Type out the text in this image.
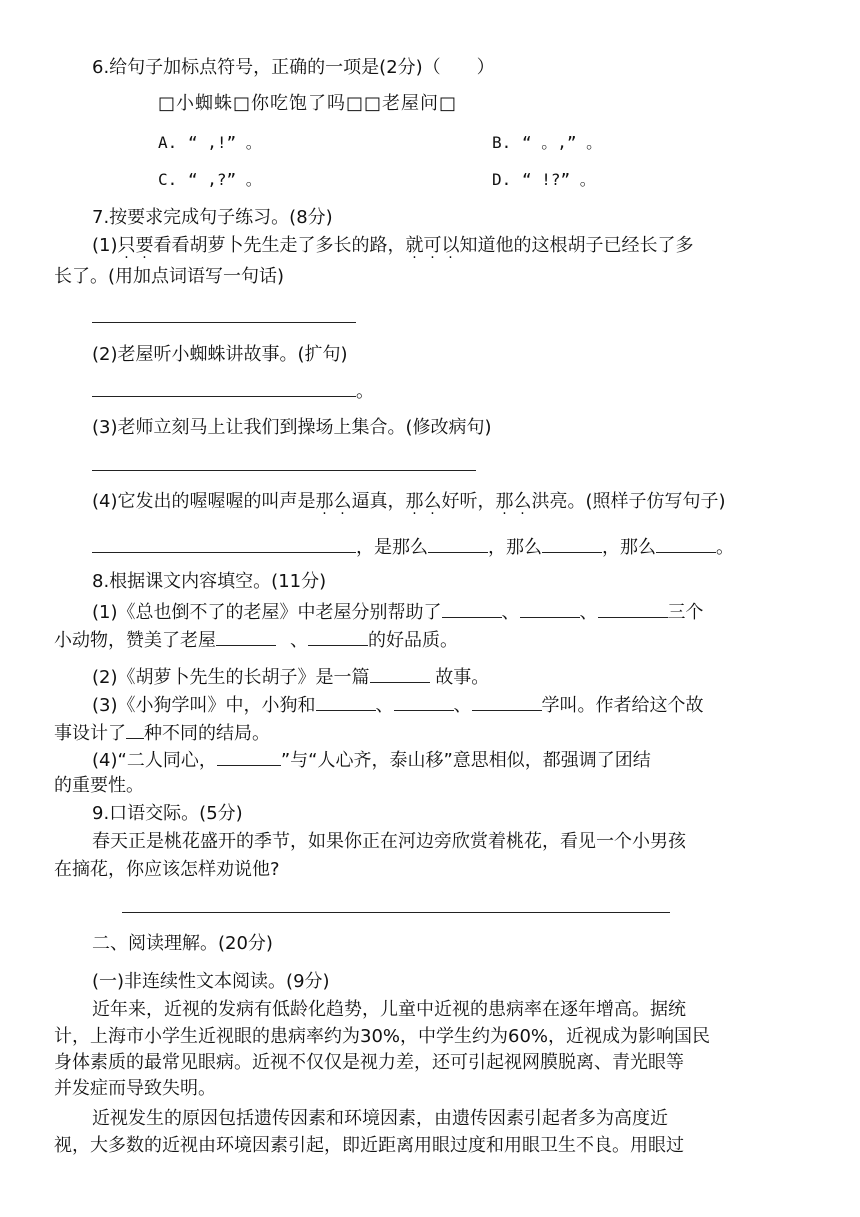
6.给句子加标点符号，正确的一项是(2分)（　　）
□小蜘蛛□你吃饱了吗□□老屋问□
A. “ ,!” 。	B. “ 。,” 。
C. “ ,?” 。	D. “ !?” 。
7.按要求完成句子练习。(8分)
(1)只要看看胡萝卜先生走了多长的路，就可以知道他的这根胡子已经长了多
长了。(用加点词语写一句话)
(2)老屋听小蜘蛛讲故事。(扩句)
。
(3)老师立刻马上让我们到操场上集合。(修改病句)
(4)它发出的喔喔喔的叫声是那么逼真，那么好听，那么洪亮。(照样子仿写句子)
，是那么	，那么	，那么	。
8.根据课文内容填空。(11分)
(1)《总也倒不了的老屋》中老屋分别帮助了	、	、	三个
小动物，赞美了老屋	、	的好品质。
(2)《胡萝卜先生的长胡子》是一篇	故事。
(3)《小狗学叫》中，小狗和	、	、	学叫。作者给这个故
事设计了 种不同的结局。
(4)“二人同心，	”与“人心齐，泰山移”意思相似，都强调了团结
的重要性。
9.口语交际。(5分)
春天正是桃花盛开的季节，如果你正在河边旁欣赏着桃花，看见一个小男孩
在摘花，你应该怎样劝说他?
二、阅读理解。(20分)
(一)非连续性文本阅读。(9分)
近年来，近视的发病有低龄化趋势，儿童中近视的患病率在逐年增高。据统
计，上海市小学生近视眼的患病率约为30%，中学生约为60%，近视成为影响国民
身体素质的最常见眼病。近视不仅仅是视力差，还可引起视网膜脱离、青光眼等
并发症而导致失明。
近视发生的原因包括遗传因素和环境因素，由遗传因素引起者多为高度近
视，大多数的近视由环境因素引起，即近距离用眼过度和用眼卫生不良。用眼过
